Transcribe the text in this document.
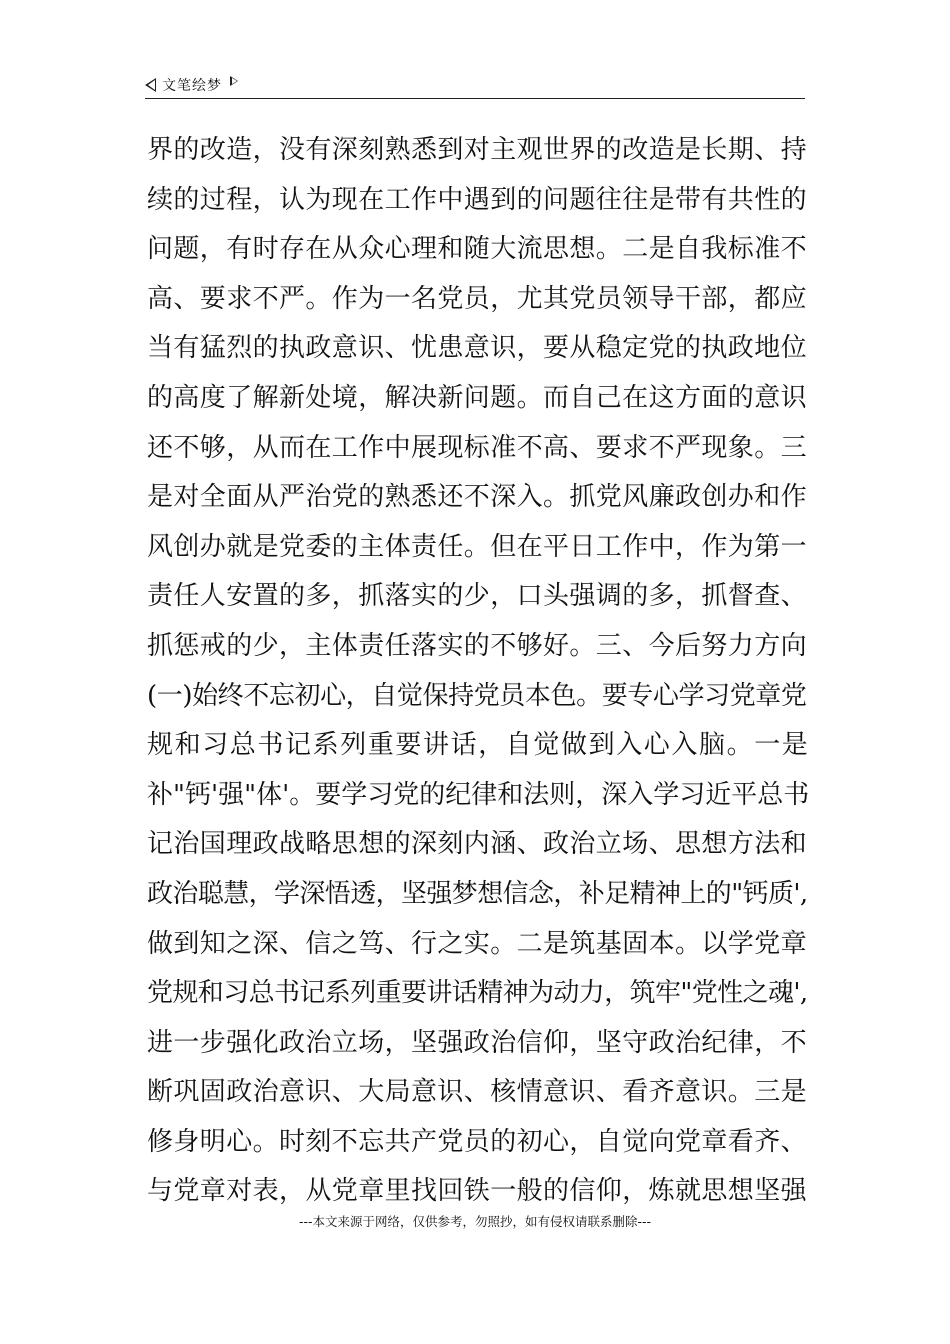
文笔绘梦
界的改造，没有深刻熟悉到对主观世界的改造是长期、持
续的过程，认为现在工作中遇到的问题往往是带有共性的
问题，有时存在从众心理和随大流思想。二是自我标准不
高、要求不严。作为一名党员，尤其党员领导干部，都应
当有猛烈的执政意识、忧患意识，要从稳定党的执政地位
的高度了解新处境，解决新问题。而自己在这方面的意识
还不够，从而在工作中展现标准不高、要求不严现象。三
是对全面从严治党的熟悉还不深入。抓党风廉政创办和作
风创办就是党委的主体责任。但在平日工作中，作为第一
责任人安置的多，抓落实的少，口头强调的多，抓督查、
抓惩戒的少，主体责任落实的不够好。三、今后努力方向
(一)始终不忘初心，自觉保持党员本色。要专心学习党章党
规和习总书记系列重要讲话，自觉做到入心入脑。一是
补"钙'强"体'。要学习党的纪律和法则，深入学习近平总书
记治国理政战略思想的深刻内涵、政治立场、思想方法和
政治聪慧，学深悟透，坚强梦想信念，补足精神上的"钙质',
做到知之深、信之笃、行之实。二是筑基固本。以学党章
党规和习总书记系列重要讲话精神为动力，筑牢"党性之魂',
进一步强化政治立场，坚强政治信仰，坚守政治纪律，不
断巩固政治意识、大局意识、核情意识、看齐意识。三是
修身明心。时刻不忘共产党员的初心，自觉向党章看齐、
与党章对表，从党章里找回铁一般的信仰，炼就思想坚强
---本文来源于网络，仅供参考，勿照抄，如有侵权请联系删除---
